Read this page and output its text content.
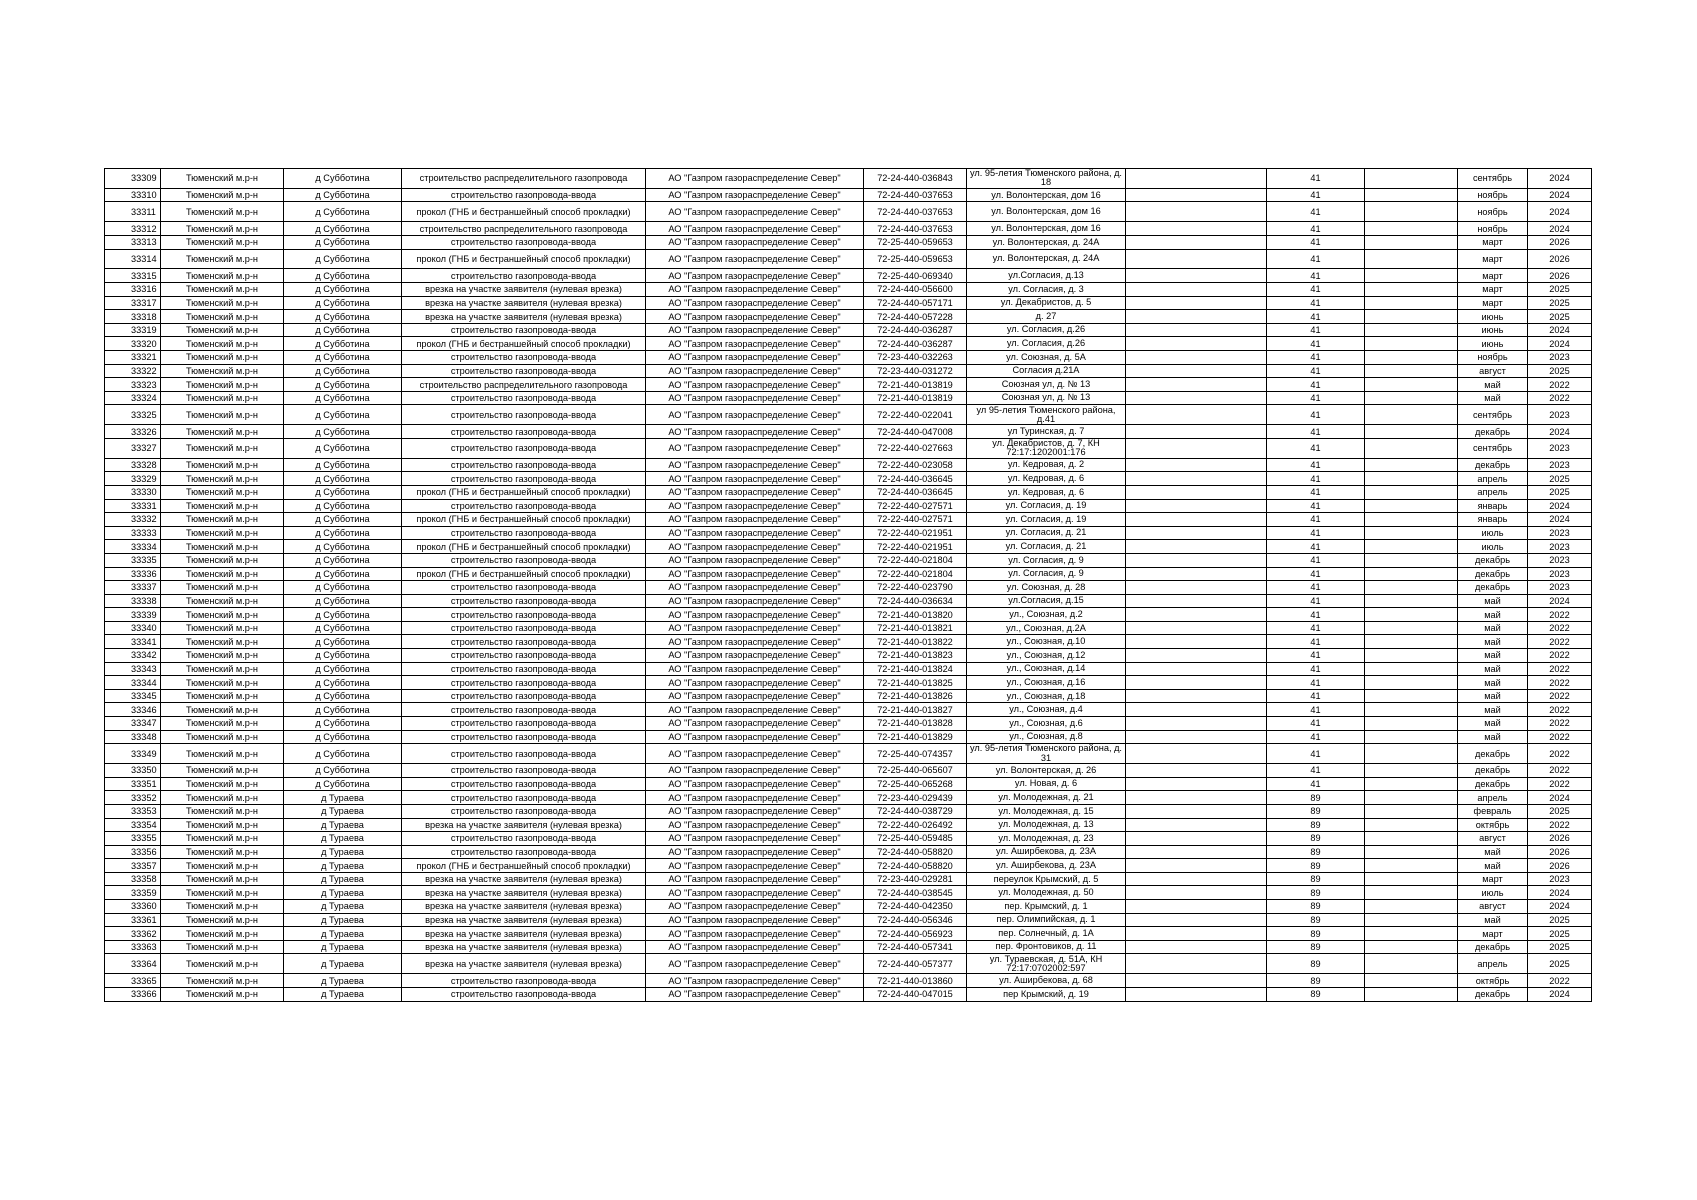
33309	Тюменский м.р-н	д Субботина	строительство распределительного газопровода	АО "Газпром газораспределение Север"	72-24-440-036843	ул. 95-летия Тюменского района, д. 18		41		сентябрь	2024
33310	Тюменский м.р-н	д Субботина	строительство газопровода-ввода	АО "Газпром газораспределение Север"	72-24-440-037653	ул. Волонтерская, дом 16		41		ноябрь	2024
33311	Тюменский м.р-н	д Субботина	прокол (ГНБ и бестраншейный способ прокладки)	АО "Газпром газораспределение Север"	72-24-440-037653	ул. Волонтерская, дом 16		41		ноябрь	2024
33312	Тюменский м.р-н	д Субботина	строительство распределительного газопровода	АО "Газпром газораспределение Север"	72-24-440-037653	ул. Волонтерская, дом 16		41		ноябрь	2024
33313	Тюменский м.р-н	д Субботина	строительство газопровода-ввода	АО "Газпром газораспределение Север"	72-25-440-059653	ул. Волонтерская, д. 24А		41		март	2026
33314	Тюменский м.р-н	д Субботина	прокол (ГНБ и бестраншейный способ прокладки)	АО "Газпром газораспределение Север"	72-25-440-059653	ул. Волонтерская, д. 24А		41		март	2026
33315	Тюменский м.р-н	д Субботина	строительство газопровода-ввода	АО "Газпром газораспределение Север"	72-25-440-069340	ул.Согласия, д.13		41		март	2026
33316	Тюменский м.р-н	д Субботина	врезка на участке заявителя (нулевая врезка)	АО "Газпром газораспределение Север"	72-24-440-056600	ул. Согласия, д. 3		41		март	2025
33317	Тюменский м.р-н	д Субботина	врезка на участке заявителя (нулевая врезка)	АО "Газпром газораспределение Север"	72-24-440-057171	ул. Декабристов, д. 5		41		март	2025
33318	Тюменский м.р-н	д Субботина	врезка на участке заявителя (нулевая врезка)	АО "Газпром газораспределение Север"	72-24-440-057228	д. 27		41		июнь	2025
33319	Тюменский м.р-н	д Субботина	строительство газопровода-ввода	АО "Газпром газораспределение Север"	72-24-440-036287	ул. Согласия, д.26		41		июнь	2024
33320	Тюменский м.р-н	д Субботина	прокол (ГНБ и бестраншейный способ прокладки)	АО "Газпром газораспределение Север"	72-24-440-036287	ул. Согласия, д.26		41		июнь	2024
33321	Тюменский м.р-н	д Субботина	строительство газопровода-ввода	АО "Газпром газораспределение Север"	72-23-440-032263	ул. Союзная, д. 5А		41		ноябрь	2023
33322	Тюменский м.р-н	д Субботина	строительство газопровода-ввода	АО "Газпром газораспределение Север"	72-23-440-031272	Согласия д.21А		41		август	2025
33323	Тюменский м.р-н	д Субботина	строительство распределительного газопровода	АО "Газпром газораспределение Север"	72-21-440-013819	Союзная ул, д. № 13		41		май	2022
33324	Тюменский м.р-н	д Субботина	строительство газопровода-ввода	АО "Газпром газораспределение Север"	72-21-440-013819	Союзная ул, д. № 13		41		май	2022
33325	Тюменский м.р-н	д Субботина	строительство газопровода-ввода	АО "Газпром газораспределение Север"	72-22-440-022041	ул 95-летия Тюменского района, д.41		41		сентябрь	2023
33326	Тюменский м.р-н	д Субботина	строительство газопровода-ввода	АО "Газпром газораспределение Север"	72-24-440-047008	ул Туринская, д. 7		41		декабрь	2024
33327	Тюменский м.р-н	д Субботина	строительство газопровода-ввода	АО "Газпром газораспределение Север"	72-22-440-027663	ул. Декабристов, д. 7, КН 72:17:1202001:176		41		сентябрь	2023
33328	Тюменский м.р-н	д Субботина	строительство газопровода-ввода	АО "Газпром газораспределение Север"	72-22-440-023058	ул. Кедровая, д. 2		41		декабрь	2023
33329	Тюменский м.р-н	д Субботина	строительство газопровода-ввода	АО "Газпром газораспределение Север"	72-24-440-036645	ул. Кедровая, д. 6		41		апрель	2025
33330	Тюменский м.р-н	д Субботина	прокол (ГНБ и бестраншейный способ прокладки)	АО "Газпром газораспределение Север"	72-24-440-036645	ул. Кедровая, д. 6		41		апрель	2025
33331	Тюменский м.р-н	д Субботина	строительство газопровода-ввода	АО "Газпром газораспределение Север"	72-22-440-027571	ул. Согласия, д. 19		41		январь	2024
33332	Тюменский м.р-н	д Субботина	прокол (ГНБ и бестраншейный способ прокладки)	АО "Газпром газораспределение Север"	72-22-440-027571	ул. Согласия, д. 19		41		январь	2024
33333	Тюменский м.р-н	д Субботина	строительство газопровода-ввода	АО "Газпром газораспределение Север"	72-22-440-021951	ул. Согласия, д. 21		41		июль	2023
33334	Тюменский м.р-н	д Субботина	прокол (ГНБ и бестраншейный способ прокладки)	АО "Газпром газораспределение Север"	72-22-440-021951	ул. Согласия, д. 21		41		июль	2023
33335	Тюменский м.р-н	д Субботина	строительство газопровода-ввода	АО "Газпром газораспределение Север"	72-22-440-021804	ул. Согласия, д. 9		41		декабрь	2023
33336	Тюменский м.р-н	д Субботина	прокол (ГНБ и бестраншейный способ прокладки)	АО "Газпром газораспределение Север"	72-22-440-021804	ул. Согласия, д. 9		41		декабрь	2023
33337	Тюменский м.р-н	д Субботина	строительство газопровода-ввода	АО "Газпром газораспределение Север"	72-22-440-023790	ул. Союзная, д. 28		41		декабрь	2023
33338	Тюменский м.р-н	д Субботина	строительство газопровода-ввода	АО "Газпром газораспределение Север"	72-24-440-036634	ул.Согласия, д.15		41		май	2024
33339	Тюменский м.р-н	д Субботина	строительство газопровода-ввода	АО "Газпром газораспределение Север"	72-21-440-013820	ул., Союзная, д.2		41		май	2022
33340	Тюменский м.р-н	д Субботина	строительство газопровода-ввода	АО "Газпром газораспределение Север"	72-21-440-013821	ул., Союзная, д.2А		41		май	2022
33341	Тюменский м.р-н	д Субботина	строительство газопровода-ввода	АО "Газпром газораспределение Север"	72-21-440-013822	ул., Союзная, д.10		41		май	2022
33342	Тюменский м.р-н	д Субботина	строительство газопровода-ввода	АО "Газпром газораспределение Север"	72-21-440-013823	ул., Союзная, д.12		41		май	2022
33343	Тюменский м.р-н	д Субботина	строительство газопровода-ввода	АО "Газпром газораспределение Север"	72-21-440-013824	ул., Союзная, д.14		41		май	2022
33344	Тюменский м.р-н	д Субботина	строительство газопровода-ввода	АО "Газпром газораспределение Север"	72-21-440-013825	ул., Союзная, д.16		41		май	2022
33345	Тюменский м.р-н	д Субботина	строительство газопровода-ввода	АО "Газпром газораспределение Север"	72-21-440-013826	ул., Союзная, д.18		41		май	2022
33346	Тюменский м.р-н	д Субботина	строительство газопровода-ввода	АО "Газпром газораспределение Север"	72-21-440-013827	ул., Союзная, д.4		41		май	2022
33347	Тюменский м.р-н	д Субботина	строительство газопровода-ввода	АО "Газпром газораспределение Север"	72-21-440-013828	ул., Союзная, д.6		41		май	2022
33348	Тюменский м.р-н	д Субботина	строительство газопровода-ввода	АО "Газпром газораспределение Север"	72-21-440-013829	ул., Союзная, д.8		41		май	2022
33349	Тюменский м.р-н	д Субботина	строительство газопровода-ввода	АО "Газпром газораспределение Север"	72-25-440-074357	ул. 95-летия Тюменского района, д. 31		41		декабрь	2022
33350	Тюменский м.р-н	д Субботина	строительство газопровода-ввода	АО "Газпром газораспределение Север"	72-25-440-065607	ул. Волонтерская, д. 26		41		декабрь	2022
33351	Тюменский м.р-н	д Субботина	строительство газопровода-ввода	АО "Газпром газораспределение Север"	72-25-440-065268	ул. Новая, д. 6		41		декабрь	2022
33352	Тюменский м.р-н	д Тураева	строительство газопровода-ввода	АО "Газпром газораспределение Север"	72-23-440-029439	ул. Молодежная, д. 21		89		апрель	2024
33353	Тюменский м.р-н	д Тураева	строительство газопровода-ввода	АО "Газпром газораспределение Север"	72-24-440-038729	ул. Молодежная, д. 15		89		февраль	2025
33354	Тюменский м.р-н	д Тураева	врезка на участке заявителя (нулевая врезка)	АО "Газпром газораспределение Север"	72-22-440-026492	ул. Молодежная, д. 13		89		октябрь	2022
33355	Тюменский м.р-н	д Тураева	строительство газопровода-ввода	АО "Газпром газораспределение Север"	72-25-440-059485	ул. Молодежная, д. 23		89		август	2026
33356	Тюменский м.р-н	д Тураева	строительство газопровода-ввода	АО "Газпром газораспределение Север"	72-24-440-058820	ул. Аширбекова, д. 23А		89		май	2026
33357	Тюменский м.р-н	д Тураева	прокол (ГНБ и бестраншейный способ прокладки)	АО "Газпром газораспределение Север"	72-24-440-058820	ул. Аширбекова, д. 23А		89		май	2026
33358	Тюменский м.р-н	д Тураева	врезка на участке заявителя (нулевая врезка)	АО "Газпром газораспределение Север"	72-23-440-029281	переулок Крымский, д. 5		89		март	2023
33359	Тюменский м.р-н	д Тураева	врезка на участке заявителя (нулевая врезка)	АО "Газпром газораспределение Север"	72-24-440-038545	ул. Молодежная, д. 50		89		июль	2024
33360	Тюменский м.р-н	д Тураева	врезка на участке заявителя (нулевая врезка)	АО "Газпром газораспределение Север"	72-24-440-042350	пер. Крымский, д. 1		89		август	2024
33361	Тюменский м.р-н	д Тураева	врезка на участке заявителя (нулевая врезка)	АО "Газпром газораспределение Север"	72-24-440-056346	пер. Олимпийская, д. 1		89		май	2025
33362	Тюменский м.р-н	д Тураева	врезка на участке заявителя (нулевая врезка)	АО "Газпром газораспределение Север"	72-24-440-056923	пер. Солнечный, д. 1А		89		март	2025
33363	Тюменский м.р-н	д Тураева	врезка на участке заявителя (нулевая врезка)	АО "Газпром газораспределение Север"	72-24-440-057341	пер. Фронтовиков, д. 11		89		декабрь	2025
33364	Тюменский м.р-н	д Тураева	врезка на участке заявителя (нулевая врезка)	АО "Газпром газораспределение Север"	72-24-440-057377	ул. Тураевская, д. 51А, КН 72:17:0702002:597		89		апрель	2025
33365	Тюменский м.р-н	д Тураева	строительство газопровода-ввода	АО "Газпром газораспределение Север"	72-21-440-013860	ул. Аширбекова, д. 68		89		октябрь	2022
33366	Тюменский м.р-н	д Тураева	строительство газопровода-ввода	АО "Газпром газораспределение Север"	72-24-440-047015	пер Крымский, д. 19		89		декабрь	2024
